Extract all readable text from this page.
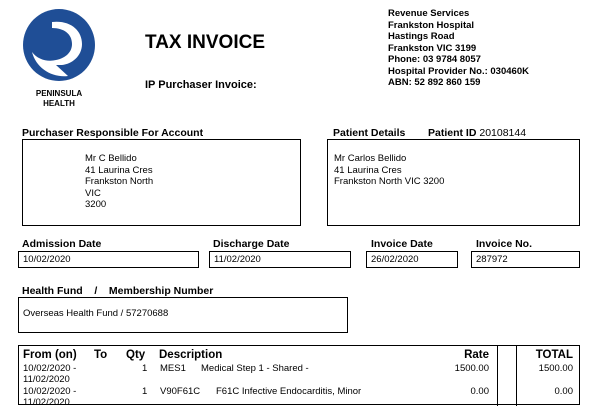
PENINSULA
HEALTH
TAX INVOICE
IP Purchaser Invoice:
Revenue Services
Frankston Hospital
Hastings Road
Frankston VIC 3199
Phone: 03 9784 8057
Hospital Provider No.: 030460K
ABN: 52 892 860 159
Purchaser Responsible For Account
Mr C Bellido
41 Laurina Cres
Frankston North
VIC
3200
Patient Details Patient ID 20108144
Mr Carlos Bellido
41 Laurina Cres
Frankston North VIC 3200
Admission Date
10/02/2020
Discharge Date
11/02/2020
Invoice Date
26/02/2020
Invoice No.
287972
Health Fund    /    Membership Number
Overseas Health Fund / 57270688
From (on) To Qty Description	Rate	TOTAL
10/02/2020 -
11/02/2020
1 MES1 Medical Step 1 - Shared -	1500.00	1500.00
10/02/2020 -
11/02/2020
1 V90F61C F61C Infective Endocarditis, Minor	0.00	0.00
